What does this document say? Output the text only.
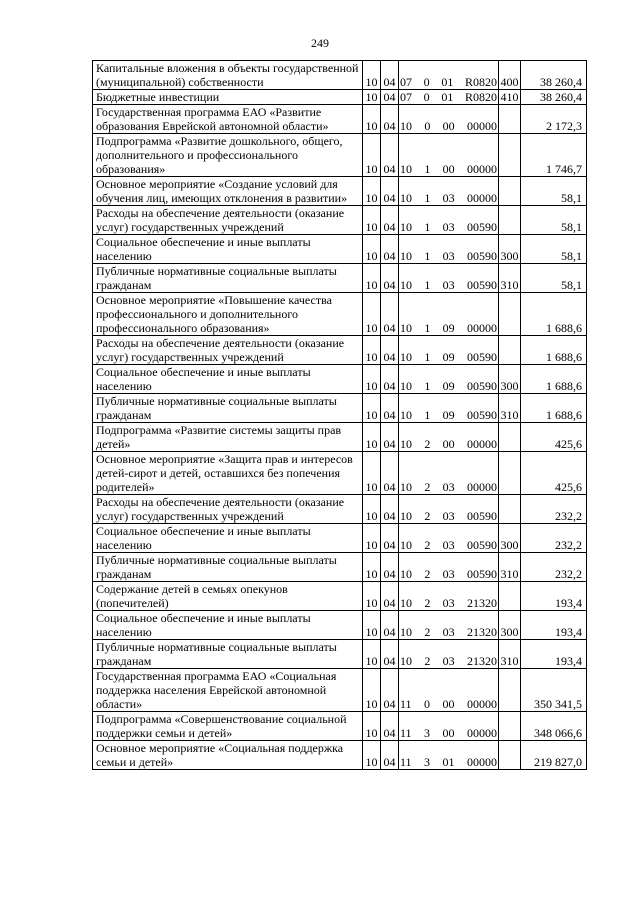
249
Капитальные вложения в объекты государственной (муниципальной) собственности	10	04	07 0 01 R0820	400	38 260,4
Бюджетные инвестиции	10	04	07 0 01 R0820	410	38 260,4
Государственная программа ЕАО «Развитие образования Еврейской автономной области»	10	04	10 0 00 00000		2 172,3
Подпрограмма «Развитие дошкольного, общего, дополнительного и профессионального образования»	10	04	10 1 00 00000		1 746,7
Основное мероприятие «Создание условий для обучения лиц, имеющих отклонения в развитии»	10	04	10 1 03 00000		58,1
Расходы на обеспечение деятельности (оказание услуг) государственных учреждений	10	04	10 1 03 00590		58,1
Социальное обеспечение и иные выплаты населению	10	04	10 1 03 00590	300	58,1
Публичные нормативные социальные выплаты гражданам	10	04	10 1 03 00590	310	58,1
Основное мероприятие «Повышение качества профессионального и дополнительного профессионального образования»	10	04	10 1 09 00000		1 688,6
Расходы на обеспечение деятельности (оказание услуг) государственных учреждений	10	04	10 1 09 00590		1 688,6
Социальное обеспечение и иные выплаты населению	10	04	10 1 09 00590	300	1 688,6
Публичные нормативные социальные выплаты гражданам	10	04	10 1 09 00590	310	1 688,6
Подпрограмма «Развитие системы защиты прав детей»	10	04	10 2 00 00000		425,6
Основное мероприятие «Защита прав и интересов детей-сирот и детей, оставшихся без попечения родителей»	10	04	10 2 03 00000		425,6
Расходы на обеспечение деятельности (оказание услуг) государственных учреждений	10	04	10 2 03 00590		232,2
Социальное обеспечение и иные выплаты населению	10	04	10 2 03 00590	300	232,2
Публичные нормативные социальные выплаты гражданам	10	04	10 2 03 00590	310	232,2
Содержание детей в семьях опекунов (попечителей)	10	04	10 2 03 21320		193,4
Социальное обеспечение и иные выплаты населению	10	04	10 2 03 21320	300	193,4
Публичные нормативные социальные выплаты гражданам	10	04	10 2 03 21320	310	193,4
Государственная программа ЕАО «Социальная поддержка населения Еврейской автономной области»	10	04	11 0 00 00000		350 341,5
Подпрограмма «Совершенствование социальной поддержки семьи и детей»	10	04	11 3 00 00000		348 066,6
Основное мероприятие «Социальная поддержка семьи и детей»	10	04	11 3 01 00000		219 827,0
